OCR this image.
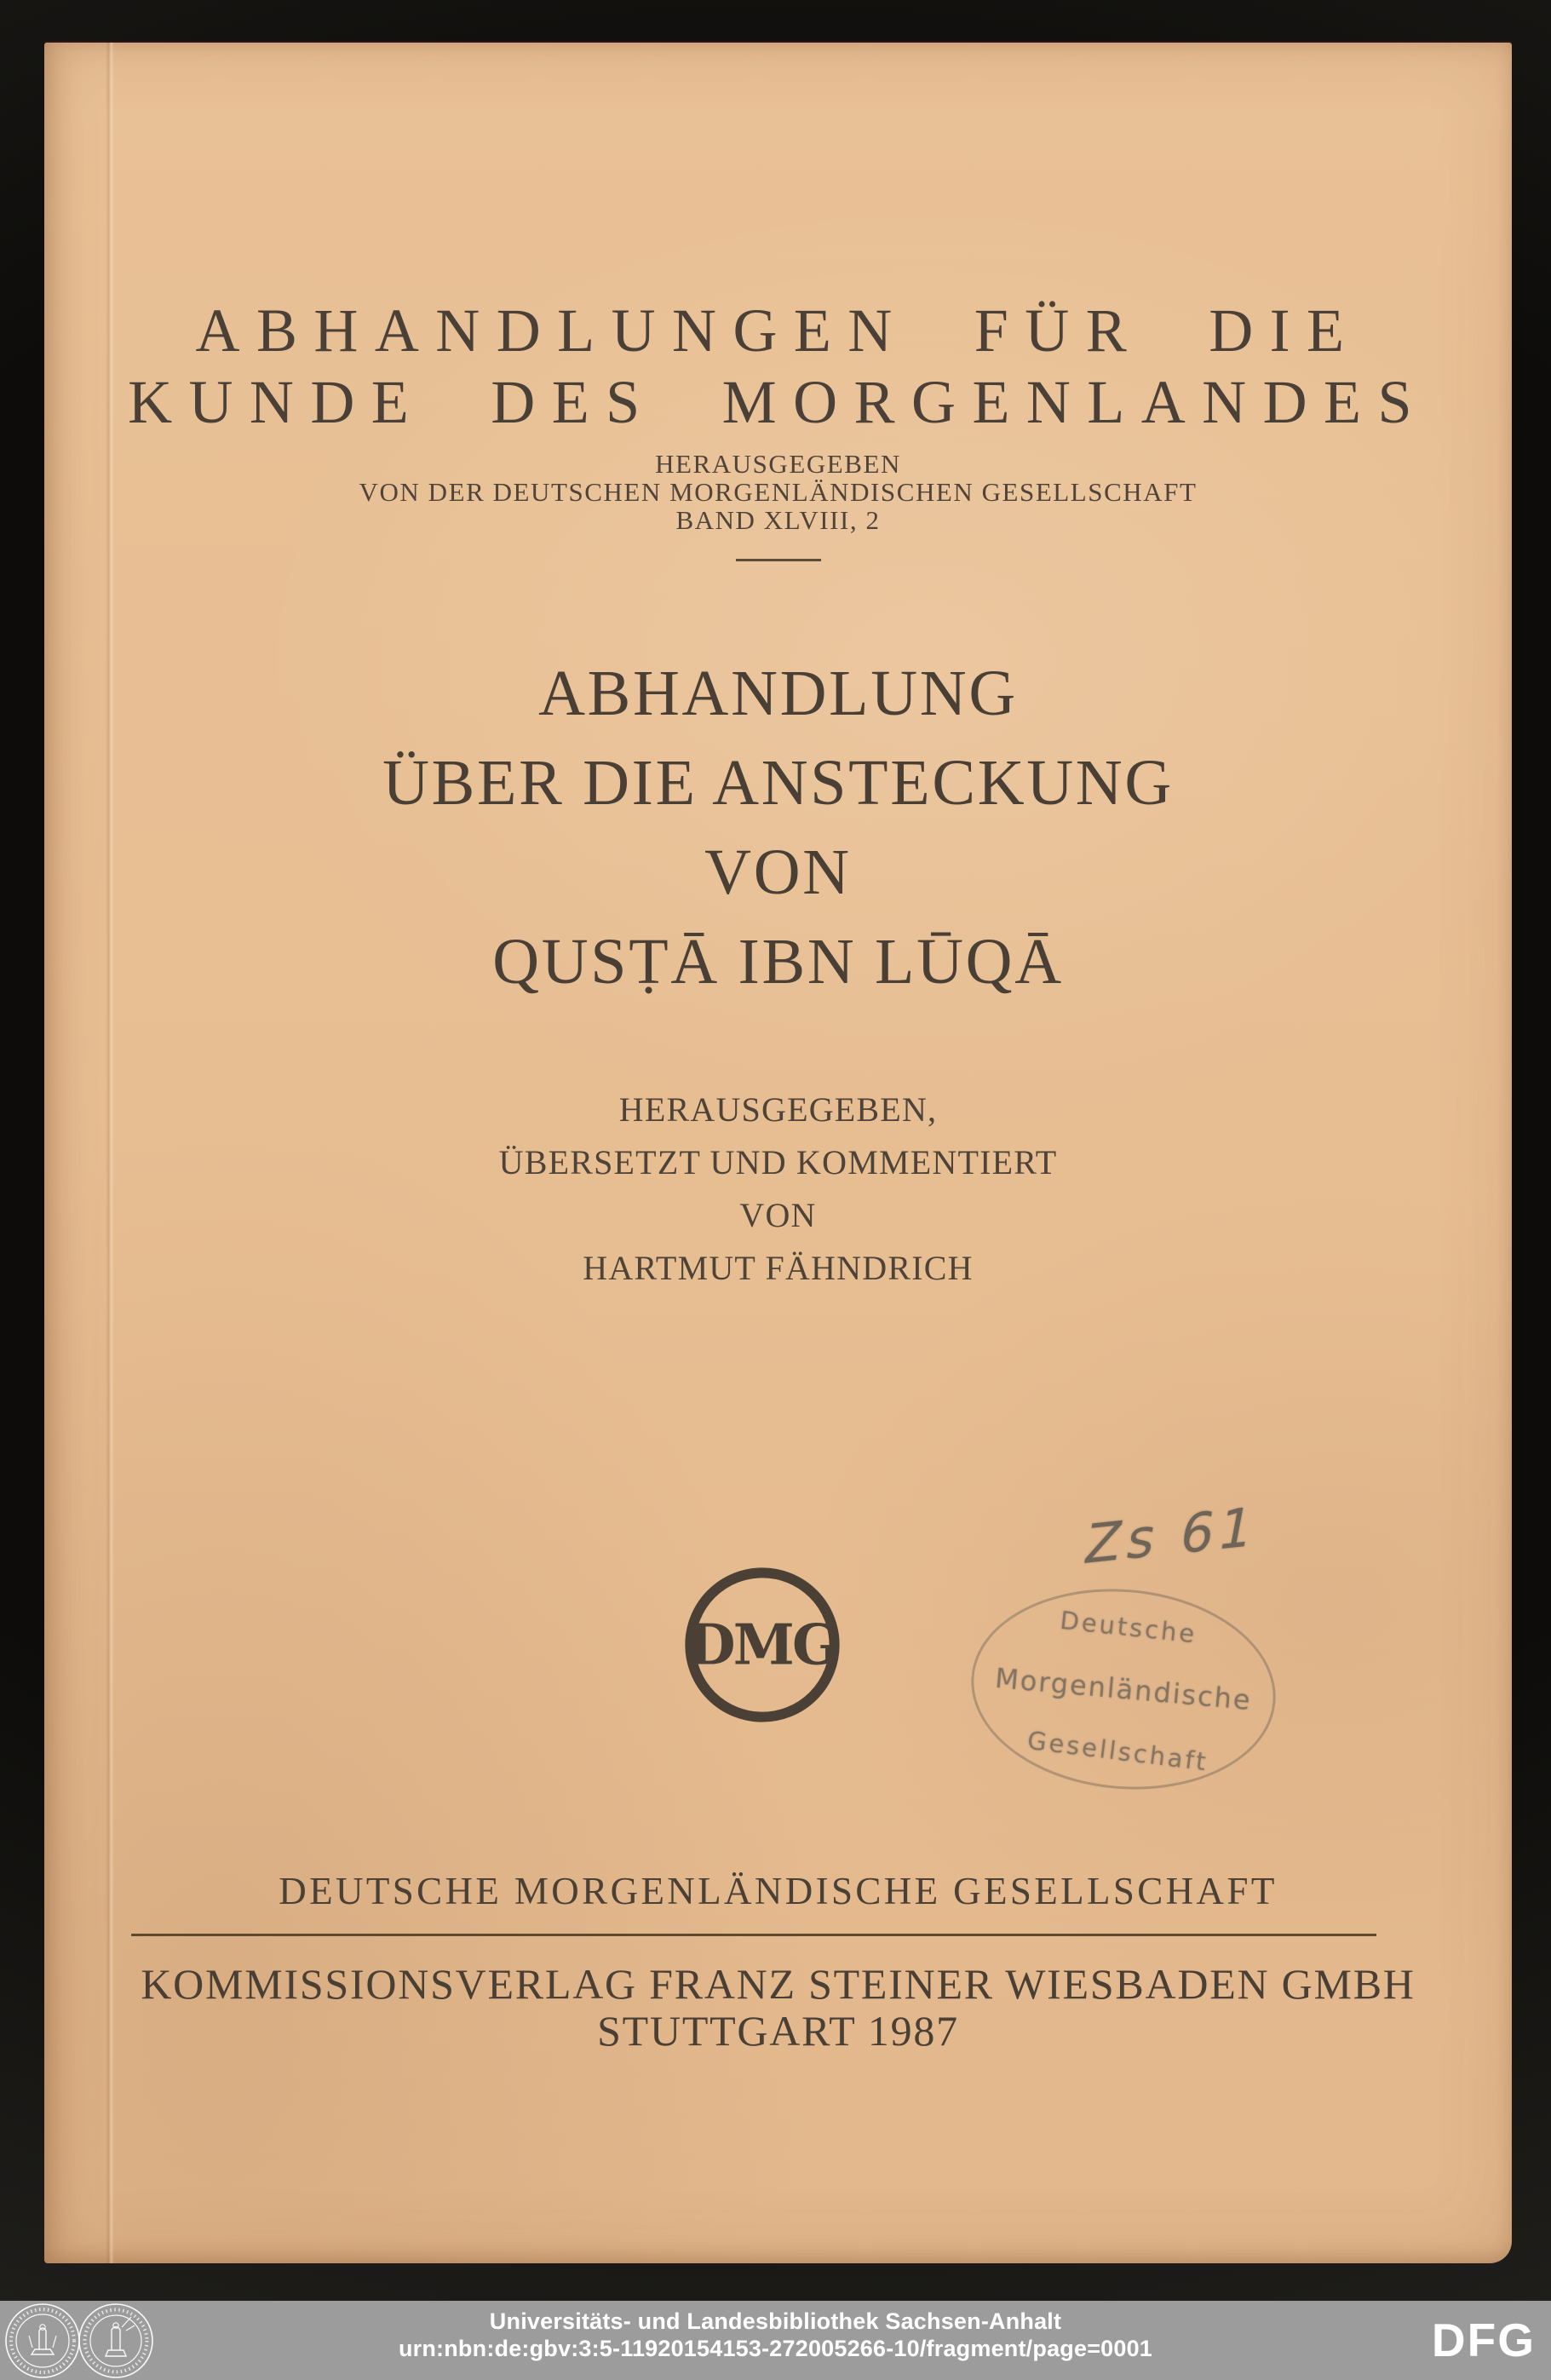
ABHANDLUNGEN FÜR DIE
KUNDE DES MORGENLANDES
HERAUSGEGEBEN
VON DER DEUTSCHEN MORGENLÄNDISCHEN GESELLSCHAFT
BAND XLVIII, 2
ABHANDLUNG
ÜBER DIE ANSTECKUNG
VON
QUSṬĀ IBN LŪQĀ
HERAUSGEGEBEN,
ÜBERSETZT UND KOMMENTIERT
VON
HARTMUT FÄHNDRICH
Zs 61
DMG	Deutsche
Morgenländische
Gesellschaft
DEUTSCHE MORGENLÄNDISCHE GESELLSCHAFT
KOMMISSIONSVERLAG FRANZ STEINER WIESBADEN GMBH
STUTTGART 1987
Universitäts- und Landesbibliothek Sachsen-Anhalt
urn:nbn:de:gbv:3:5-11920154153-272005266-10/fragment/page=0001	DFG
